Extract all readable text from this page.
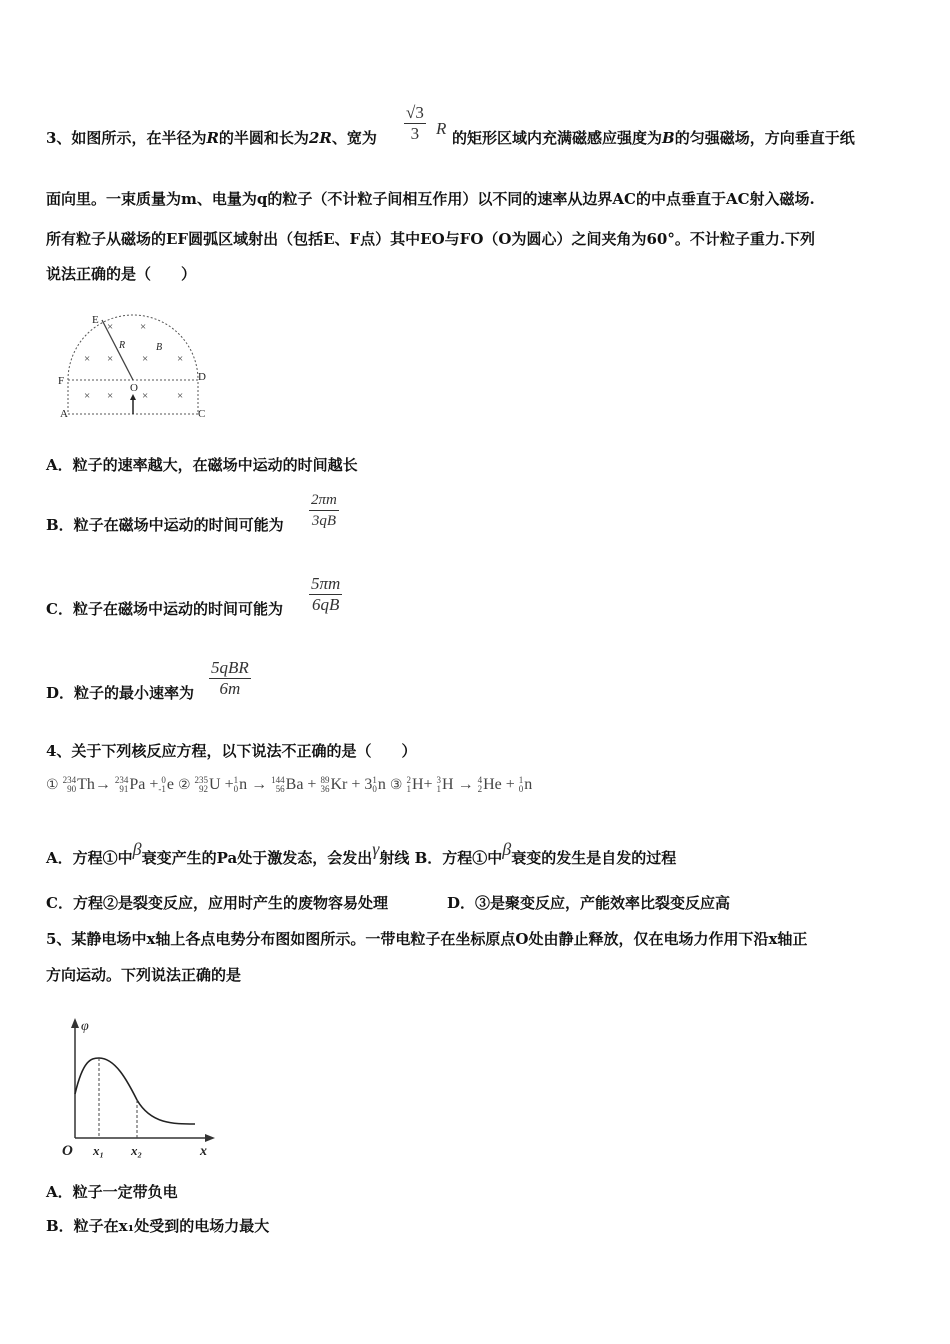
3、如图所示，在半径为R的半圆和长为2R、宽为 $\frac{√3}{3}$ R 的矩形区域内充满磁感应强度为B的匀强磁场，方向垂直于纸
面向里。一束质量为m、电量为q的粒子（不计粒子间相互作用）以不同的速率从边界AC的中点垂直于AC射入磁场.
所有粒子从磁场的EF圆弧区域射出（包括E、F点）其中EO与FO（O为圆心）之间夹角为60°。不计粒子重力.下列
说法正确的是（　　）
× ×
× ×	×	×
× ×	×	×
E
R	B
F	D
O
A	C
A．粒子的速率越大，在磁场中运动的时间越长
B．粒子在磁场中运动的时间可能为 $\frac{2\pi m}{3qB}$
C．粒子在磁场中运动的时间可能为 $\frac{5\pi m}{6qB}$
D．粒子的最小速率为
5qBR
6m
4、关于下列核反应方程，以下说法不正确的是（　　）
① 234
90 Th→ 234
91 Pa + 0
-1 e ② 235
92 U + 1
0 n → 144
56 Ba + 89
36 Kr + 3 1
0 n ③ 2
1 H+ 3
1 H → 4
2 He + 1
0 n
A．方程①中β衰变产生的Pa处于激发态，会发出γ射线 B．方程①中β衰变的发生是自发的过程
C．方程②是裂变反应，应用时产生的废物容易处理	D．③是聚变反应，产能效率比裂变反应高
5、某静电场中x轴上各点电势分布图如图所示。一带电粒子在坐标原点O处由静止释放，仅在电场力作用下沿x轴正
方向运动。下列说法正确的是
φ
O x₁ x₂	x
A．粒子一定带负电
B．粒子在x₁处受到的电场力最大
